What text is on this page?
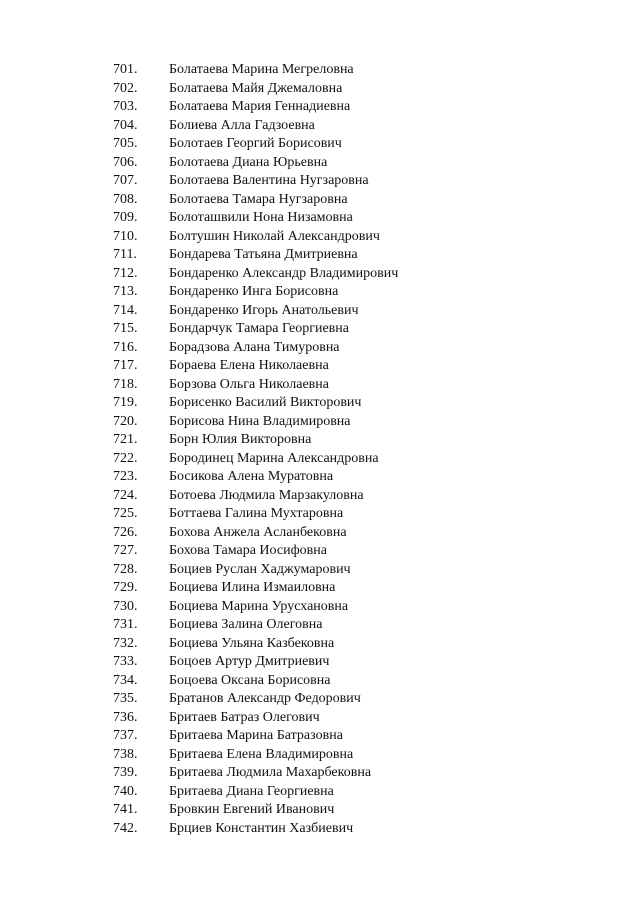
701.	Болатаева Марина Мегреловна
702.	Болатаева Майя Джемаловна
703.	Болатаева Мария Геннадиевна
704.	Болиева Алла Гадзоевна
705.	Болотаев Георгий Борисович
706.	Болотаева Диана Юрьевна
707.	Болотаева Валентина Нугзаровна
708.	Болотаева Тамара Нугзаровна
709.	Болоташвили Нона Низамовна
710.	Болтушин Николай Александрович
711.	Бондарева Татьяна Дмитриевна
712.	Бондаренко Александр Владимирович
713.	Бондаренко Инга Борисовна
714.	Бондаренко Игорь Анатольевич
715.	Бондарчук Тамара Георгиевна
716.	Борадзова Алана Тимуровна
717.	Бораева Елена Николаевна
718.	Борзова Ольга Николаевна
719.	Борисенко Василий Викторович
720.	Борисова Нина Владимировна
721.	Борн Юлия Викторовна
722.	Бородинец Марина Александровна
723.	Босикова Алена Муратовна
724.	Ботоева Людмила Марзакуловна
725.	Боттаева Галина Мухтаровна
726.	Бохова Анжела Асланбековна
727.	Бохова Тамара Иосифовна
728.	Боциев Руслан Хаджумарович
729.	Боциева Илина Измаиловна
730.	Боциева Марина Урусхановна
731.	Боциева Залина Олеговна
732.	Боциева Ульяна Казбековна
733.	Боцоев Артур Дмитриевич
734.	Боцоева Оксана Борисовна
735.	Братанов Александр Федорович
736.	Бритаев Батраз Олегович
737.	Бритаева Марина Батразовна
738.	Бритаева Елена Владимировна
739.	Бритаева Людмила Махарбековна
740.	Бритаева Диана Георгиевна
741.	Бровкин Евгений Иванович
742.	Брциев Константин Хазбиевич
